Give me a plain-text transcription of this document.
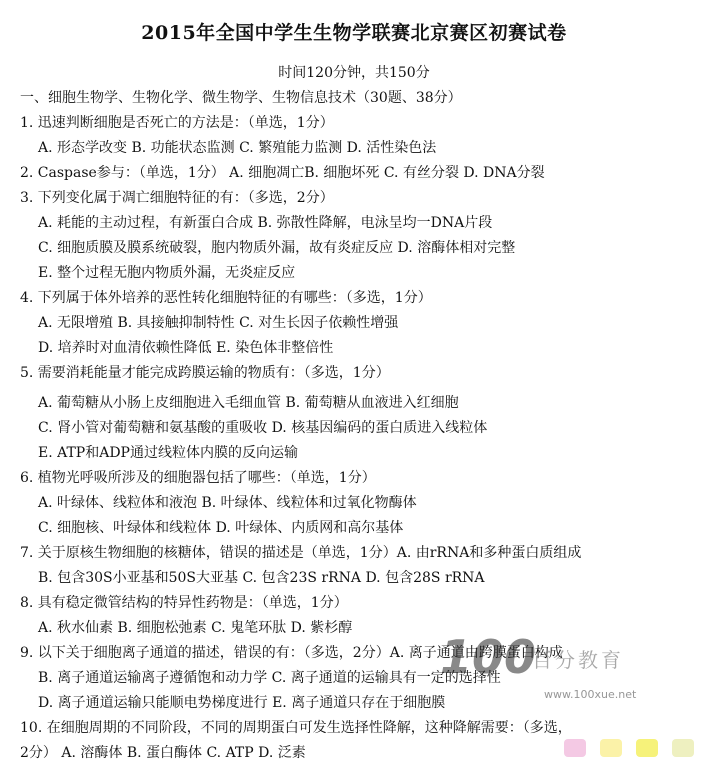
2015年全国中学生生物学联赛北京赛区初赛试卷
时间120分钟，共150分
一、细胞生物学、生物化学、微生物学、生物信息技术（30题、38分）
1. 迅速判断细胞是否死亡的方法是：（单选，1分）
A. 形态学改变 B. 功能状态监测 C. 繁殖能力监测 D. 活性染色法
2. Caspase参与：（单选，1分） A. 细胞凋亡B. 细胞坏死 C. 有丝分裂 D. DNA分裂
3. 下列变化属于凋亡细胞特征的有：（多选，2分）
A. 耗能的主动过程，有新蛋白合成 B. 弥散性降解，电泳呈均一DNA片段
C. 细胞质膜及膜系统破裂，胞内物质外漏，故有炎症反应 D. 溶酶体相对完整
E. 整个过程无胞内物质外漏，无炎症反应
4. 下列属于体外培养的恶性转化细胞特征的有哪些：（多选，1分）
A. 无限增殖 B. 具接触抑制特性 C. 对生长因子依赖性增强
D. 培养时对血清依赖性降低 E. 染色体非整倍性
5. 需要消耗能量才能完成跨膜运输的物质有：（多选，1分）
A. 葡萄糖从小肠上皮细胞进入毛细血管 B. 葡萄糖从血液进入红细胞
C. 肾小管对葡萄糖和氨基酸的重吸收 D. 核基因编码的蛋白质进入线粒体
E. ATP和ADP通过线粒体内膜的反向运输
6. 植物光呼吸所涉及的细胞器包括了哪些：（单选，1分）
A. 叶绿体、线粒体和液泡 B. 叶绿体、线粒体和过氧化物酶体
C. 细胞核、叶绿体和线粒体 D. 叶绿体、内质网和高尔基体
7. 关于原核生物细胞的核糖体，错误的描述是（单选，1分）A. 由rRNA和多种蛋白质组成
B. 包含30S小亚基和50S大亚基 C. 包含23S rRNA D. 包含28S rRNA
8. 具有稳定微管结构的特异性药物是：（单选，1分）
A. 秋水仙素 B. 细胞松弛素 C. 鬼笔环肽 D. 紫杉醇
9. 以下关于细胞离子通道的描述，错误的有：（多选，2分）A. 离子通道由跨膜蛋白构成
B. 离子通道运输离子遵循饱和动力学 C. 离子通道的运输具有一定的选择性
D. 离子通道运输只能顺电势梯度进行 E. 离子通道只存在于细胞膜
10. 在细胞周期的不同阶段，不同的周期蛋白可发生选择性降解，这种降解需要：（多选，
2分） A. 溶酶体 B. 蛋白酶体 C. ATP D. 泛素
100
百分教育
www.100xue.net
